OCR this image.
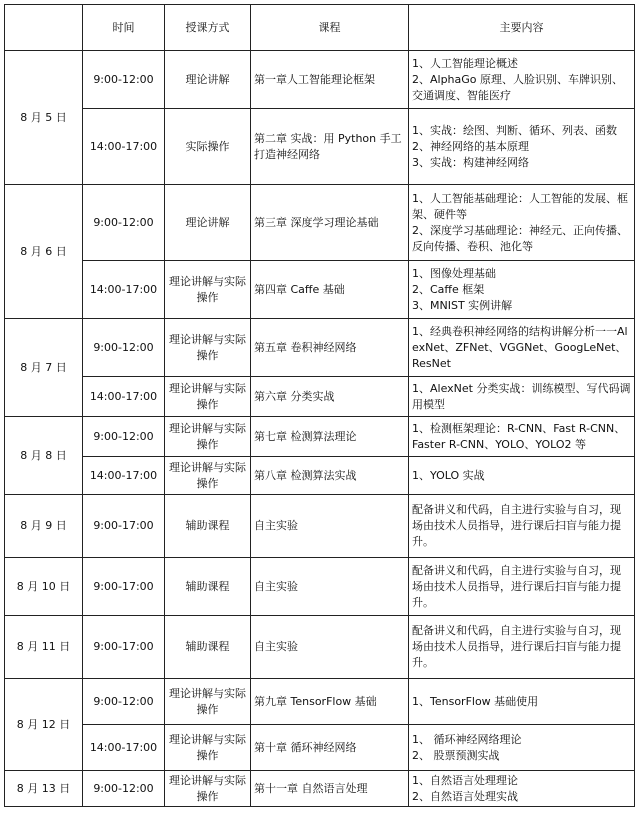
	时间	授课方式	课程	主要内容
8 月 5 日	9:00-12:00	理论讲解	第一章人工智能理论框架	1、人工智能理论概述
2、AlphaGo 原理、人脸识别、车牌识别、交通调度、智能医疗

	14:00-17:00	实际操作	第二章 实战：用 Python 手工打造神经网络	1、实战：绘图、判断、循环、列表、函数
2、神经网络的基本原理
3、实战：构建神经网络

8 月 6 日	9:00-12:00	理论讲解	第三章 深度学习理论基础	1、人工智能基础理论：人工智能的发展、框架、硬件等
2、深度学习基础理论：神经元、正向传播、反向传播、卷积、池化等

	14:00-17:00	理论讲解与实际操作	第四章 Caffe 基础	1、图像处理基础
2、Caffe 框架
3、MNIST 实例讲解

8 月 7 日	9:00-12:00	理论讲解与实际操作	第五章 卷积神经网络	1、经典卷积神经网络的结构讲解分析一一AlexNet、ZFNet、VGGNet、GoogLeNet、ResNet

	14:00-17:00	理论讲解与实际操作	第六章 分类实战	1、AlexNet 分类实战：训练模型、写代码调用模型

8 月 8 日	9:00-12:00	理论讲解与实际操作	第七章 检测算法理论	1、检测框架理论：R-CNN、Fast R-CNN、Faster R-CNN、YOLO、YOLO2 等

	14:00-17:00	理论讲解与实际操作	第八章 检测算法实战	1、YOLO 实战

8 月 9 日	9:00-17:00	辅助课程	自主实验	配备讲义和代码，自主进行实验与自习，现场由技术人员指导，进行课后扫盲与能力提升。

8 月 10 日	9:00-17:00	辅助课程	自主实验	配备讲义和代码，自主进行实验与自习，现场由技术人员指导，进行课后扫盲与能力提升。

8 月 11 日	9:00-17:00	辅助课程	自主实验	配备讲义和代码，自主进行实验与自习，现场由技术人员指导，进行课后扫盲与能力提升。

8 月 12 日	9:00-12:00	理论讲解与实际操作	第九章 TensorFlow 基础	1、TensorFlow 基础使用

	14:00-17:00	理论讲解与实际操作	第十章 循环神经网络	1、 循环神经网络理论
2、 股票预测实战

8 月 13 日	9:00-12:00	理论讲解与实际操作	第十一章 自然语言处理	1、自然语言处理理论
2、自然语言处理实战
